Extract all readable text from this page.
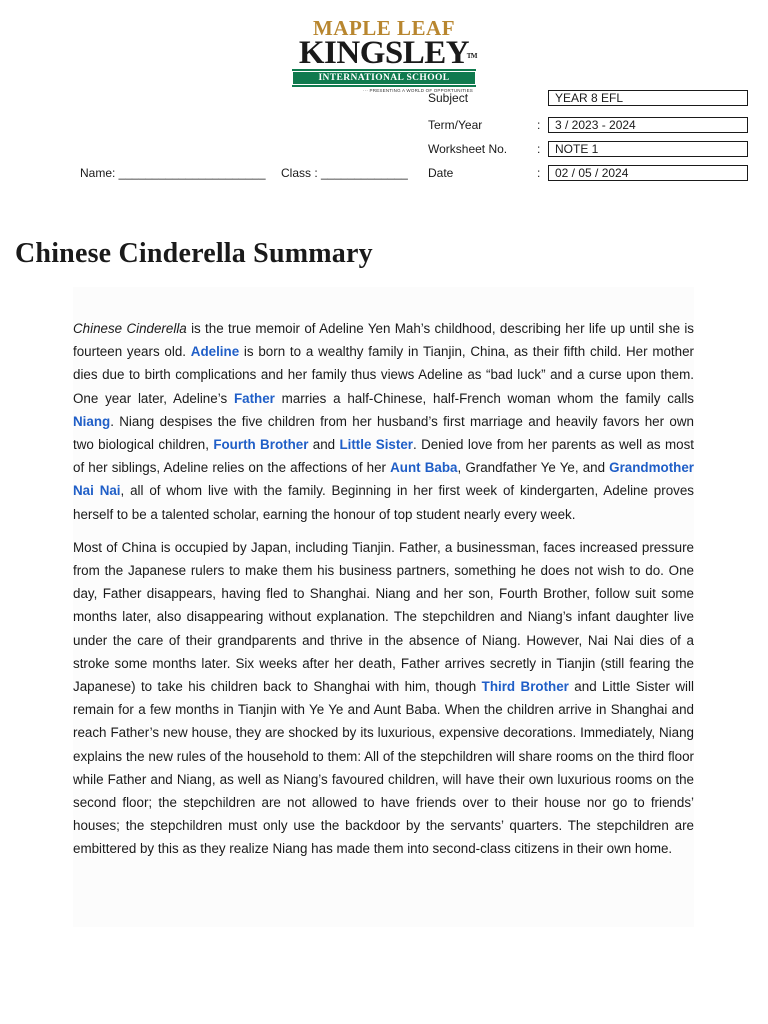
MAPLE LEAF
KINGSLEY
TM
INTERNATIONAL SCHOOL
··· PRESENTING A WORLD OF OPPORTUNITIES
Subject	YEAR 8 EFL
Term/Year	:	3 / 2023 - 2024
Worksheet No. :	NOTE 1
Date	:	02 / 05 / 2024
Name: ______________________ Class : _____________
Chinese Cinderella Summary

Chinese Cinderella is the true memoir of Adeline Yen Mah’s childhood, describing her life up until she is fourteen years old. Adeline is born to a wealthy family in Tianjin, China, as their fifth child. Her mother dies due to birth complications and her family thus views Adeline as “bad luck” and a curse upon them. One year later, Adeline’s Father marries a half-Chinese, half-French woman whom the family calls Niang. Niang despises the five children from her husband’s first marriage and heavily favors her own two biological children, Fourth Brother and Little Sister. Denied love from her parents as well as most of her siblings, Adeline relies on the affections of her Aunt Baba, Grandfather Ye Ye, and Grandmother Nai Nai, all of whom live with the family. Beginning in her first week of kindergarten, Adeline proves herself to be a talented scholar, earning the honour of top student nearly every week.

Most of China is occupied by Japan, including Tianjin. Father, a businessman, faces increased pressure from the Japanese rulers to make them his business partners, something he does not wish to do. One day, Father disappears, having fled to Shanghai. Niang and her son, Fourth Brother, follow suit some months later, also disappearing without explanation. The stepchildren and Niang’s infant daughter live under the care of their grandparents and thrive in the absence of Niang. However, Nai Nai dies of a stroke some months later. Six weeks after her death, Father arrives secretly in Tianjin (still fearing the Japanese) to take his children back to Shanghai with him, though Third Brother and Little Sister will remain for a few months in Tianjin with Ye Ye and Aunt Baba. When the children arrive in Shanghai and reach Father’s new house, they are shocked by its luxurious, expensive decorations. Immediately, Niang explains the new rules of the household to them: All of the stepchildren will share rooms on the third floor while Father and Niang, as well as Niang’s favoured children, will have their own luxurious rooms on the second floor; the stepchildren are not allowed to have friends over to their house nor go to friends’ houses; the stepchildren must only use the backdoor by the servants’ quarters. The stepchildren are embittered by this as they realize Niang has made them into second-class citizens in their own home.
